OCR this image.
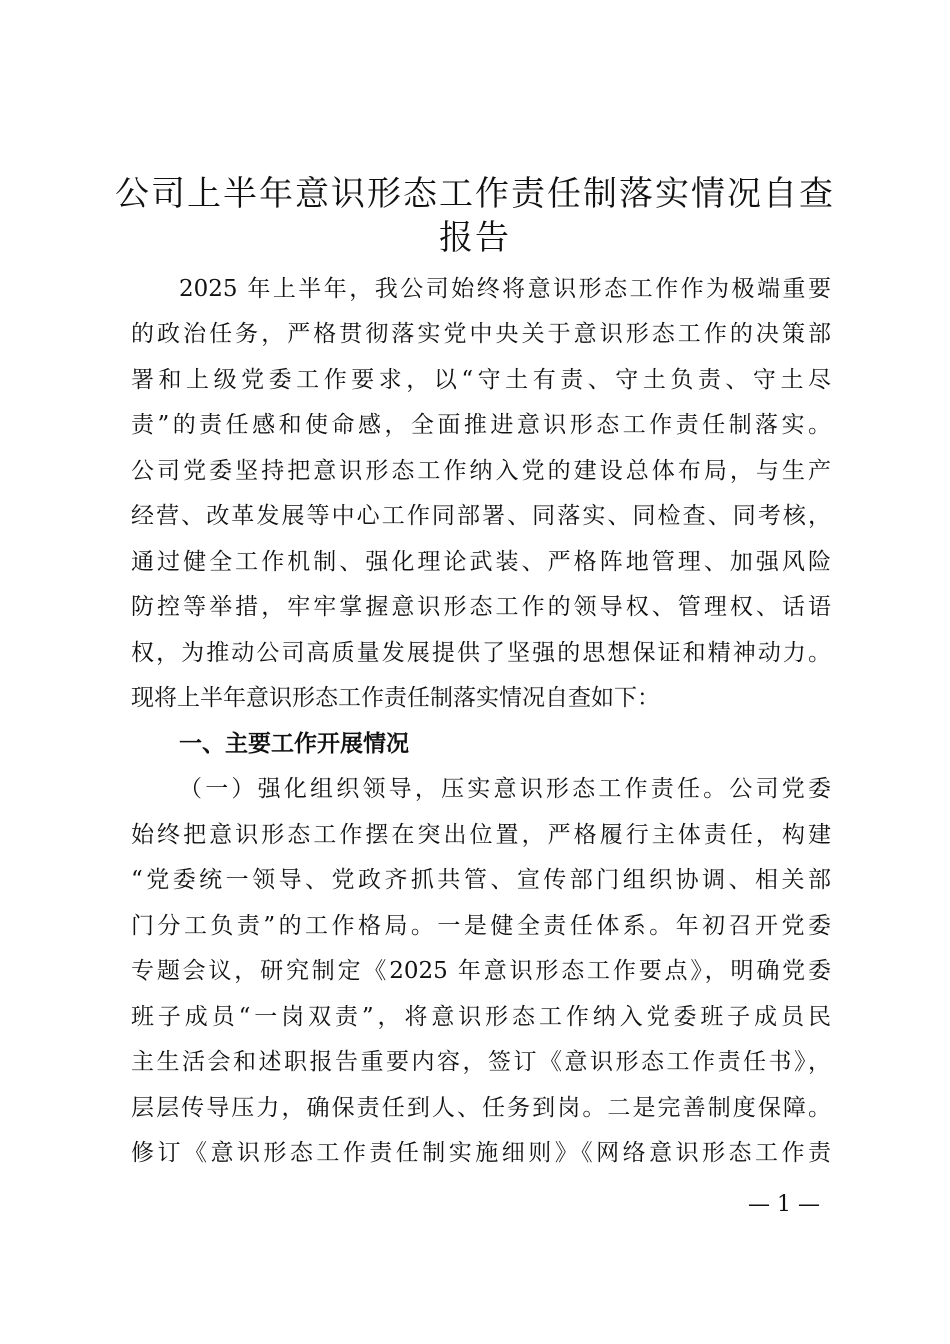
公司上半年意识形态工作责任制落实情况自查
报告

2025 年上半年，我公司始终将意识形态工作作为极端重要

的政治任务，严格贯彻落实党中央关于意识形态工作的决策部

署和上级党委工作要求，以“守土有责、守土负责、守土尽

责”的责任感和使命感，全面推进意识形态工作责任制落实。

公司党委坚持把意识形态工作纳入党的建设总体布局，与生产

经营、改革发展等中心工作同部署、同落实、同检查、同考核，

通过健全工作机制、强化理论武装、严格阵地管理、加强风险

防控等举措，牢牢掌握意识形态工作的领导权、管理权、话语

权，为推动公司高质量发展提供了坚强的思想保证和精神动力。

现将上半年意识形态工作责任制落实情况自查如下：

一、主要工作开展情况

（一）强化组织领导，压实意识形态工作责任。公司党委

始终把意识形态工作摆在突出位置，严格履行主体责任，构建

“党委统一领导、党政齐抓共管、宣传部门组织协调、相关部

门分工负责”的工作格局。一是健全责任体系。年初召开党委

专题会议，研究制定《2025 年意识形态工作要点》，明确党委

班子成员“一岗双责”，将意识形态工作纳入党委班子成员民

主生活会和述职报告重要内容，签订《意识形态工作责任书》，

层层传导压力，确保责任到人、任务到岗。二是完善制度保障。

修订《意识形态工作责任制实施细则》《网络意识形态工作责

— 1 —
